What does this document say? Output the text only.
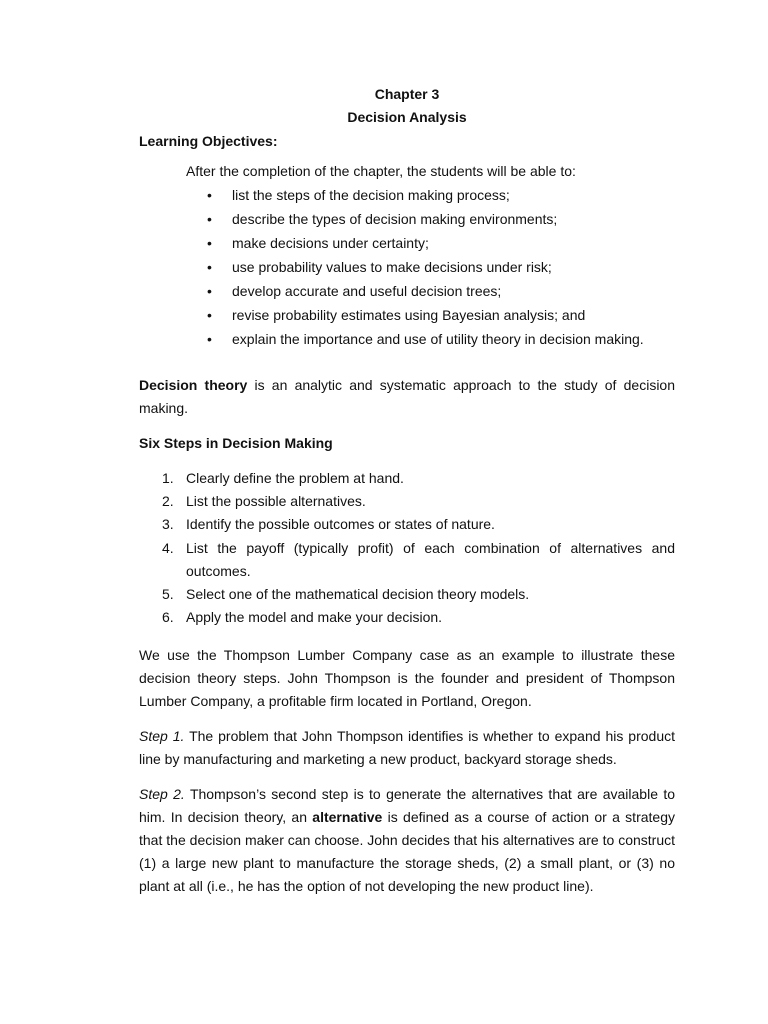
Chapter 3
Decision Analysis
Learning Objectives:
After the completion of the chapter, the students will be able to:
• list the steps of the decision making process;
• describe the types of decision making environments;
• make decisions under certainty;
• use probability values to make decisions under risk;
• develop accurate and useful decision trees;
• revise probability estimates using Bayesian analysis; and
• explain the importance and use of utility theory in decision making.
Decision theory is an analytic and systematic approach to the study of decision
making.
Six Steps in Decision Making
1. Clearly define the problem at hand.
2. List the possible alternatives.
3. Identify the possible outcomes or states of nature.
4. List the payoff (typically profit) of each combination of alternatives and
outcomes.
5. Select one of the mathematical decision theory models.
6. Apply the model and make your decision.
We use the Thompson Lumber Company case as an example to illustrate these
decision theory steps. John Thompson is the founder and president of Thompson
Lumber Company, a profitable firm located in Portland, Oregon.
Step 1. The problem that John Thompson identifies is whether to expand his product
line by manufacturing and marketing a new product, backyard storage sheds.
Step 2. Thompson’s second step is to generate the alternatives that are available to
him. In decision theory, an alternative is defined as a course of action or a strategy
that the decision maker can choose. John decides that his alternatives are to construct
(1) a large new plant to manufacture the storage sheds, (2) a small plant, or (3) no
plant at all (i.e., he has the option of not developing the new product line).
